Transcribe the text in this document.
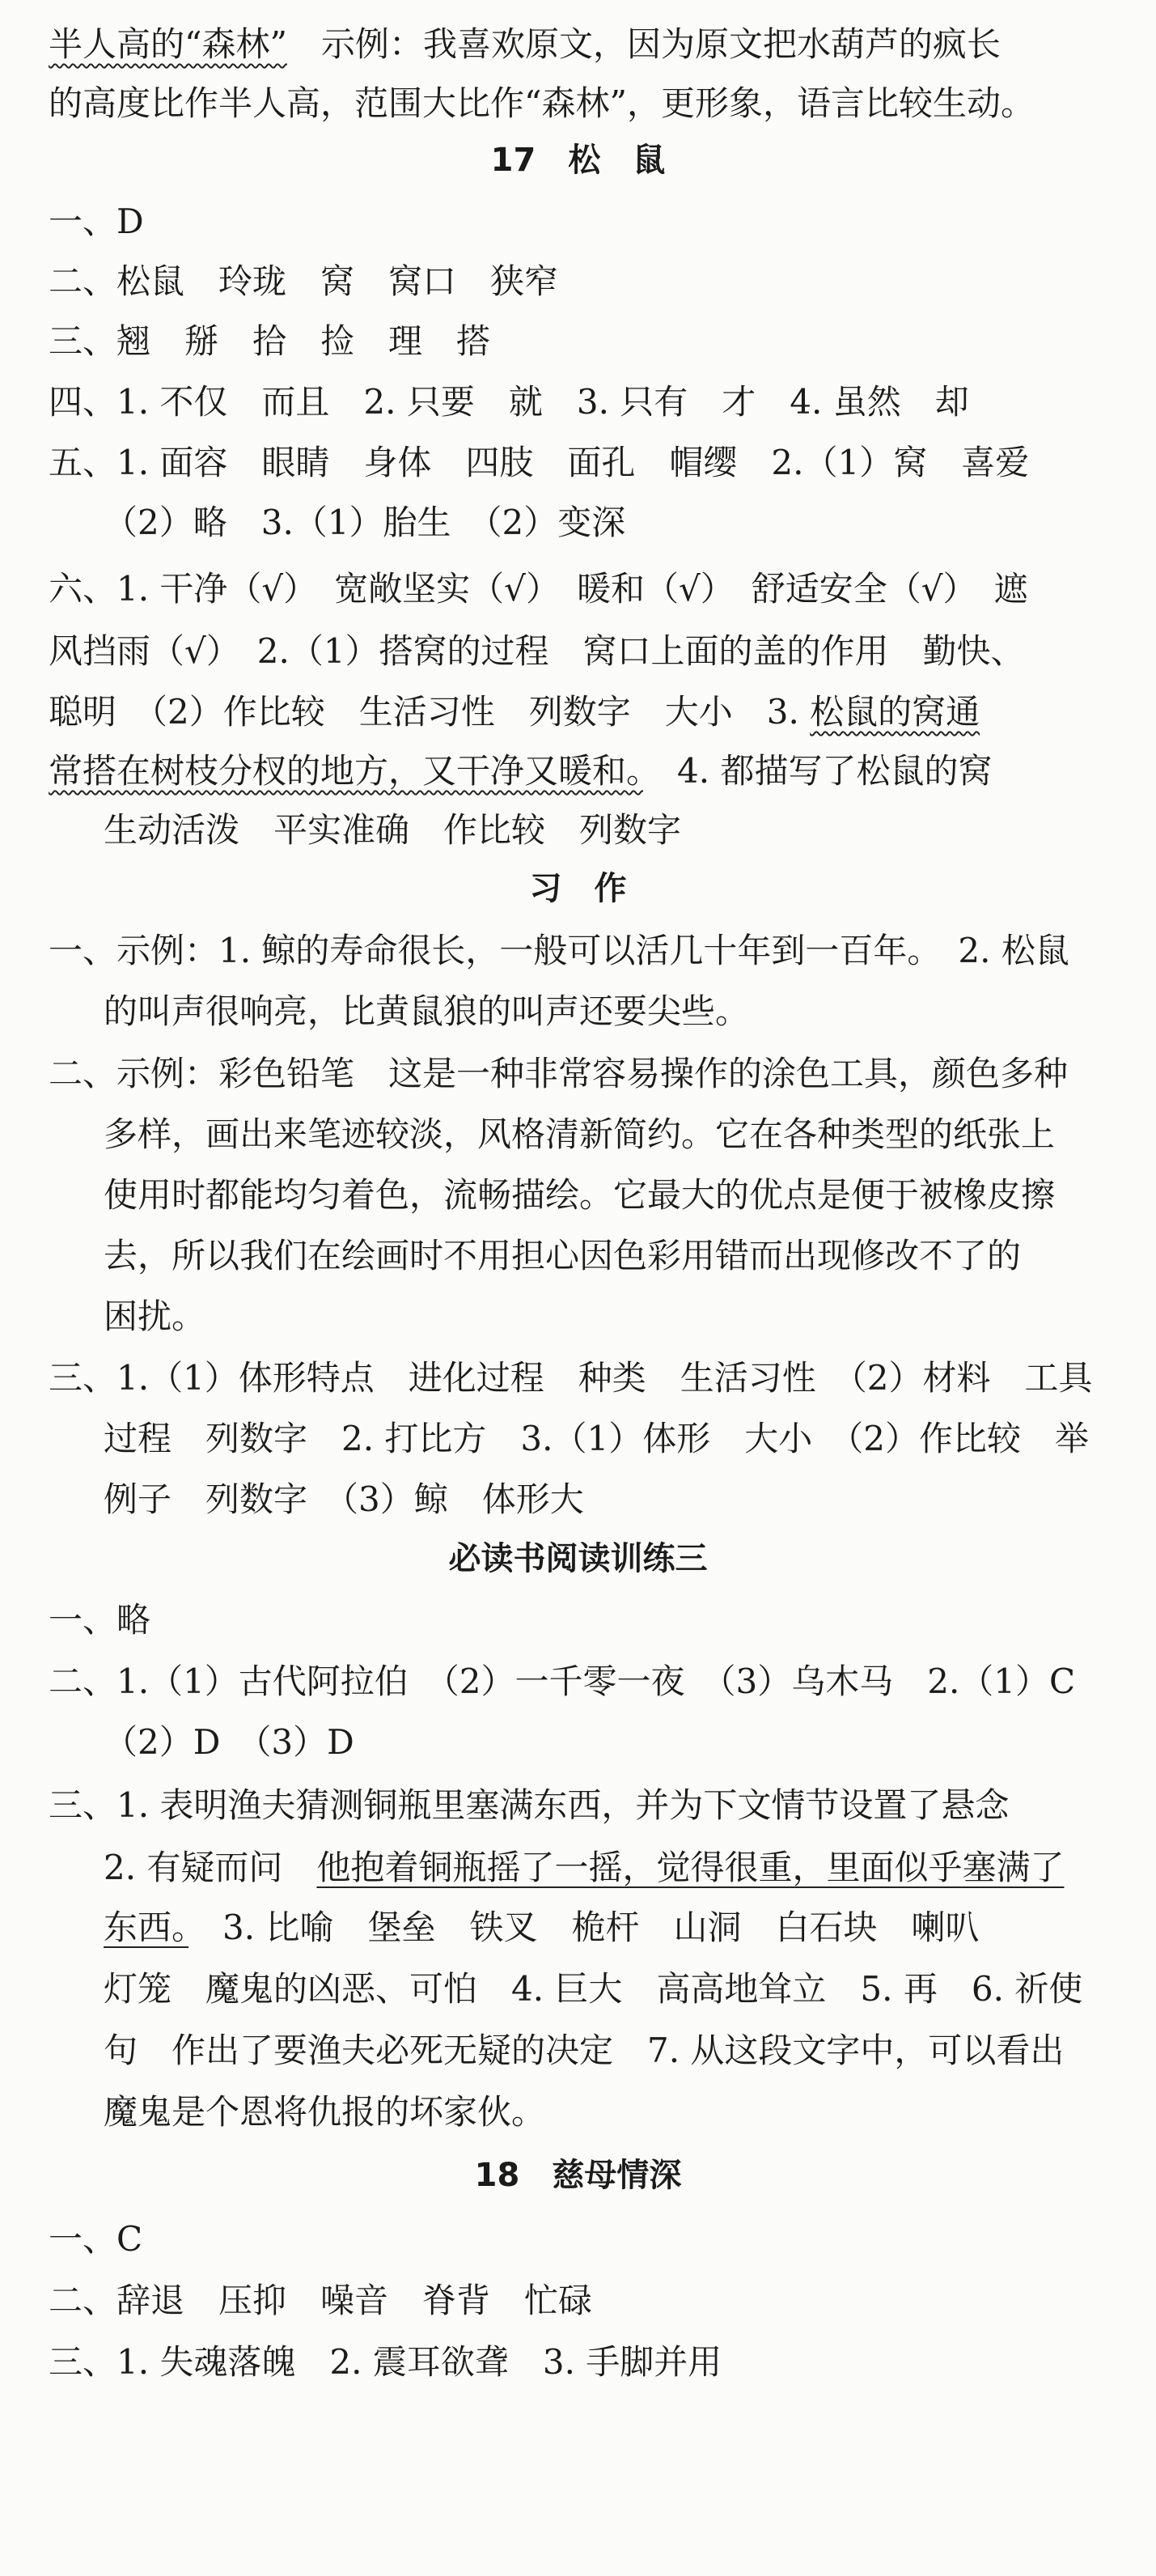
半人高的“森林”　示例：我喜欢原文，因为原文把水葫芦的疯长
的高度比作半人高，范围大比作“森林”，更形象，语言比较生动。
17　松　鼠
一、D
二、松鼠　玲珑　窝　窝口　狭窄
三、翘　掰　拾　捡　理　搭
四、1. 不仅　而且　2. 只要　就　3. 只有　才　4. 虽然　却
五、1. 面容　眼睛　身体　四肢　面孔　帽缨　2.（1）窝　喜爱
（2）略　3.（1）胎生　（2）变深
六、1. 干净（√）　宽敞坚实（√）　暖和（√）　舒适安全（√）　遮
风挡雨（√）　2.（1）搭窝的过程　窝口上面的盖的作用　勤快、
聪明　（2）作比较　生活习性　列数字　大小　3. 松鼠的窝通
常搭在树枝分杈的地方，又干净又暖和。　4. 都描写了松鼠的窝
生动活泼　平实准确　作比较　列数字
习　作
一、示例：1. 鲸的寿命很长，一般可以活几十年到一百年。　2. 松鼠
的叫声很响亮，比黄鼠狼的叫声还要尖些。
二、示例：彩色铅笔　这是一种非常容易操作的涂色工具，颜色多种
多样，画出来笔迹较淡，风格清新简约。它在各种类型的纸张上
使用时都能均匀着色，流畅描绘。它最大的优点是便于被橡皮擦
去，所以我们在绘画时不用担心因色彩用错而出现修改不了的
困扰。
三、1.（1）体形特点　进化过程　种类　生活习性　（2）材料　工具
过程　列数字　2. 打比方　3.（1）体形　大小　（2）作比较　举
例子　列数字　（3）鲸　体形大
必读书阅读训练三
一、略
二、1.（1）古代阿拉伯　（2）一千零一夜　（3）乌木马　2.（1）C
（2）D　（3）D
三、1. 表明渔夫猜测铜瓶里塞满东西，并为下文情节设置了悬念
2. 有疑而问　他抱着铜瓶摇了一摇，觉得很重，里面似乎塞满了
东西。　3. 比喻　堡垒　铁叉　桅杆　山洞　白石块　喇叭
灯笼　魔鬼的凶恶、可怕　4. 巨大　高高地耸立　5. 再　6. 祈使
句　作出了要渔夫必死无疑的决定　7. 从这段文字中，可以看出
魔鬼是个恩将仇报的坏家伙。
18　慈母情深
一、C
二、辞退　压抑　噪音　脊背　忙碌
三、1. 失魂落魄　2. 震耳欲聋　3. 手脚并用
